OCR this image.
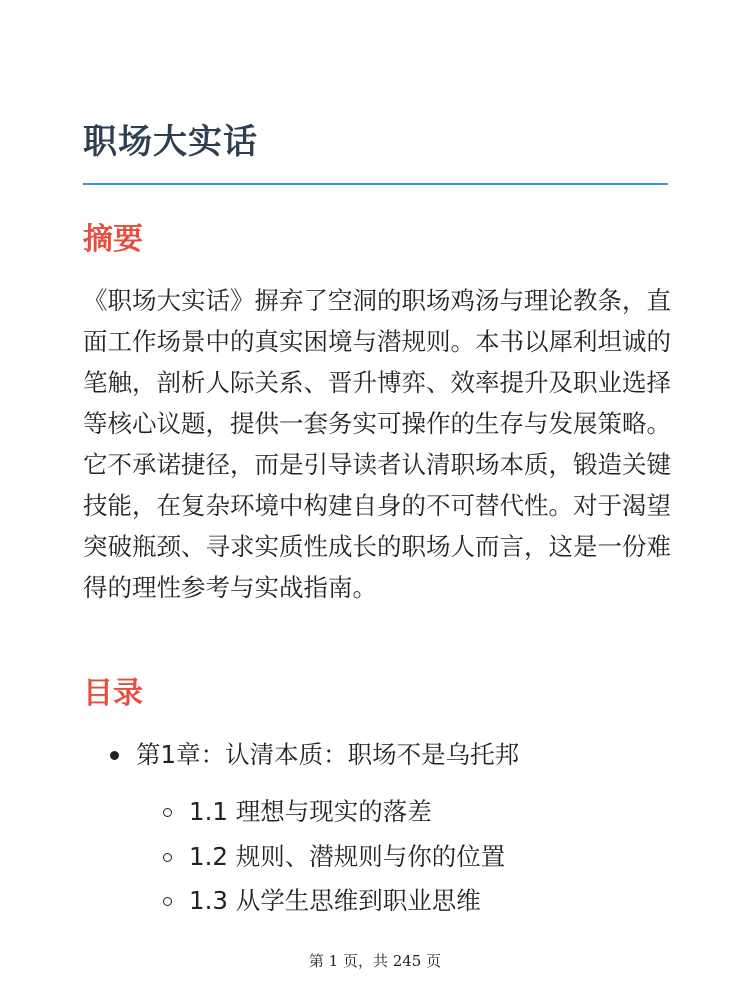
职场大实话
摘要

《职场大实话》摒弃了空洞的职场鸡汤与理论教条，直面工作场景中的真实困境与潜规则。本书以犀利坦诚的笔触，剖析人际关系、晋升博弈、效率提升及职业选择等核心议题，提供一套务实可操作的生存与发展策略。它不承诺捷径，而是引导读者认清职场本质，锻造关键技能，在复杂环境中构建自身的不可替代性。对于渴望突破瓶颈、寻求实质性成长的职场人而言，这是一份难得的理性参考与实战指南。

目录
第1章：认清本质：职场不是乌托邦
1.1 理想与现实的落差
1.2 规则、潜规则与你的位置
1.3 从学生思维到职业思维
第 1 页，共 245 页
